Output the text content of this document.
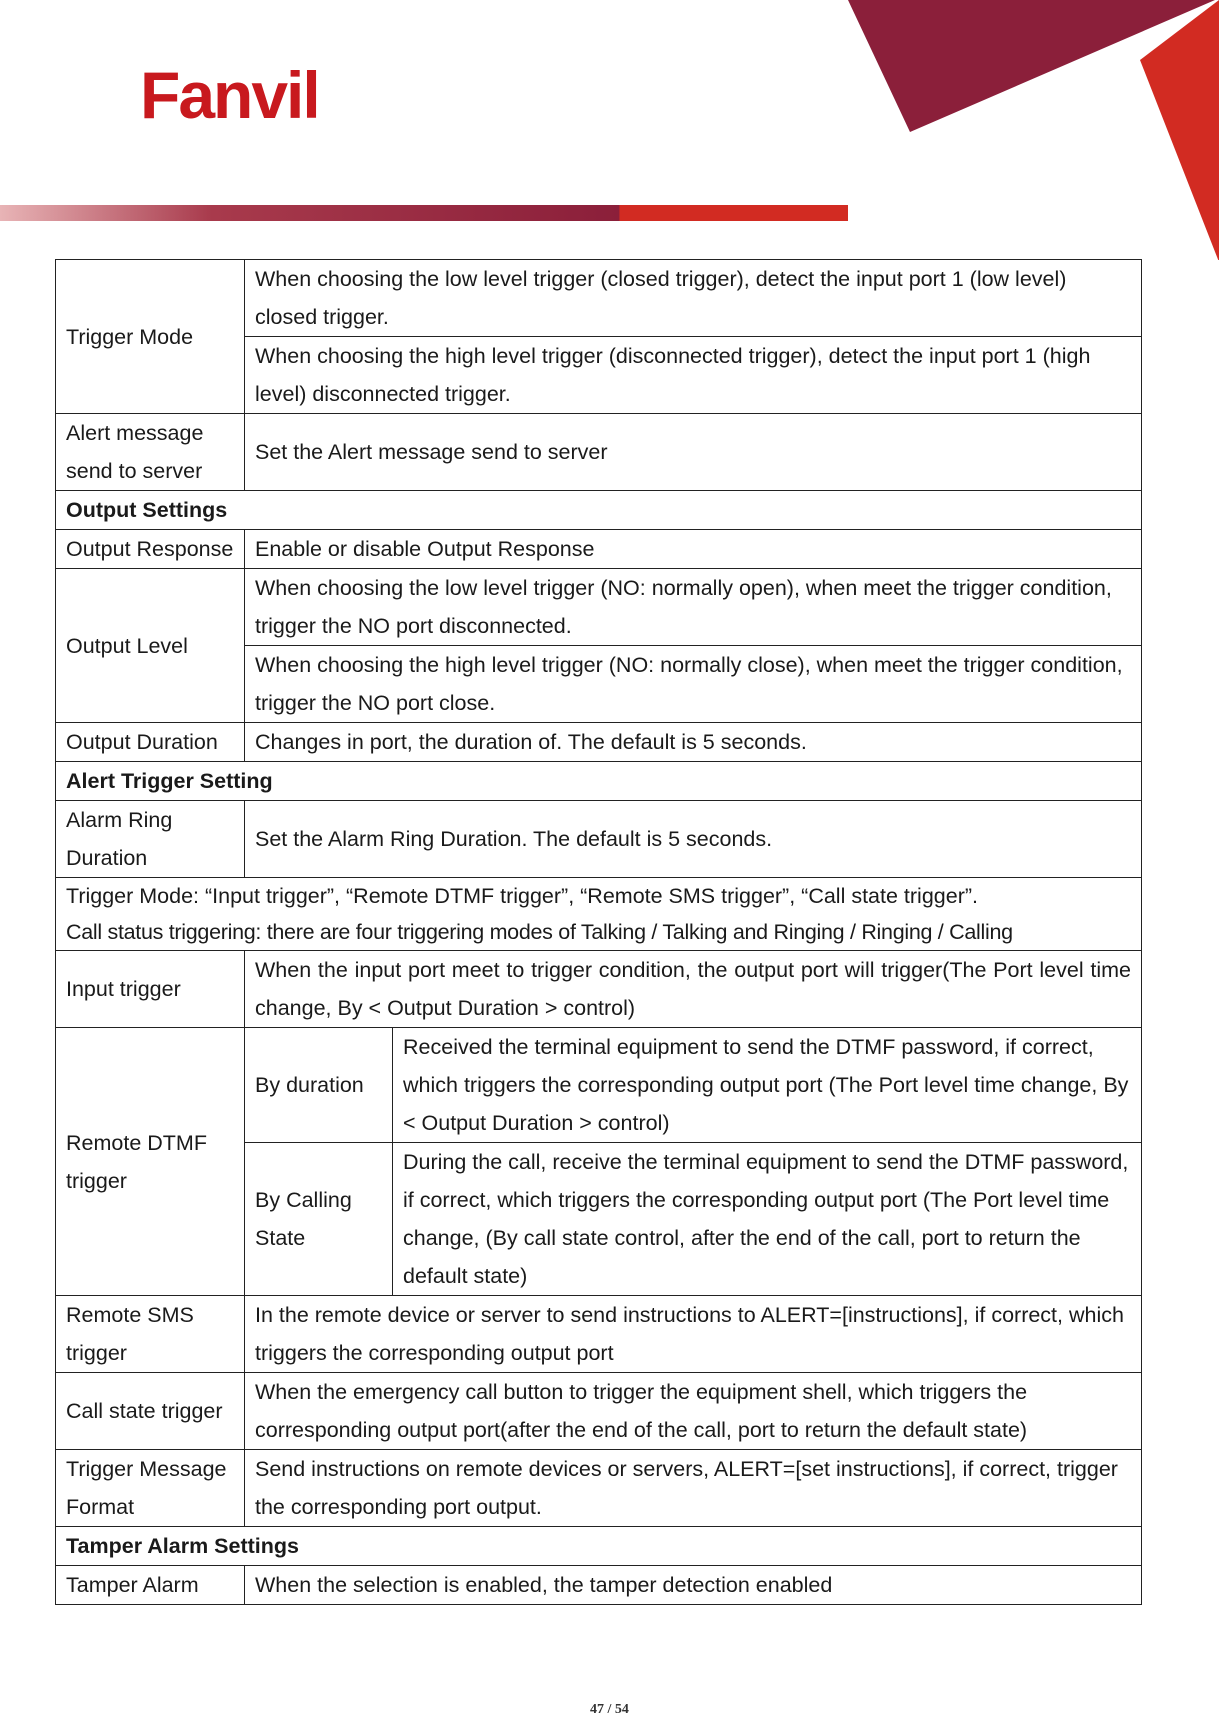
Fanvil
Trigger Mode	When choosing the low level trigger (closed trigger), detect the input port 1 (low level) closed trigger.	
	When choosing the high level trigger (disconnected trigger), detect the input port 1 (high level) disconnected trigger.	
Alert message send to server	Set the Alert message send to server	
Output Settings		
Output Response	Enable or disable Output Response	
Output Level	When choosing the low level trigger (NO: normally open), when meet the trigger condition, trigger the NO port disconnected.	
	When choosing the high level trigger (NO: normally close), when meet the trigger condition, trigger the NO port close.	
Output Duration	Changes in port, the duration of. The default is 5 seconds.	
Alert Trigger Setting		
Alarm Ring Duration	Set the Alarm Ring Duration. The default is 5 seconds.	

Trigger Mode: “Input trigger”, “Remote DTMF trigger”, “Remote SMS trigger”, “Call state trigger”.
Call status triggering: there are four triggering modes of Talking / Talking and Ringing / Ringing / Calling		

Input trigger	When the input port meet to trigger condition, the output port will trigger(The Port level time change, By < Output Duration > control)	
Remote DTMF trigger	By duration	Received the terminal equipment to send the DTMF password, if correct, which triggers the corresponding output port (The Port level time change, By < Output Duration > control)
	By Calling State	During the call, receive the terminal equipment to send the DTMF password, if correct, which triggers the corresponding output port (The Port level time change, (By call state control, after the end of the call, port to return the default state)
Remote SMS trigger	In the remote device or server to send instructions to ALERT=[instructions], if correct, which triggers the corresponding output port	
Call state trigger	When the emergency call button to trigger the equipment shell, which triggers the corresponding output port(after the end of the call, port to return the default state)	
Trigger Message Format	Send instructions on remote devices or servers, ALERT=[set instructions], if correct, trigger the corresponding port output.	
Tamper Alarm Settings		
Tamper Alarm	When the selection is enabled, the tamper detection enabled	
47 / 54
